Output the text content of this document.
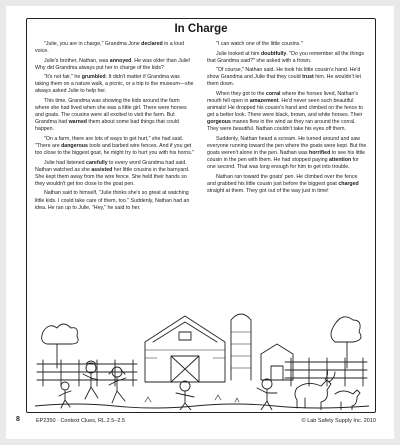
In Charge

"Julie, you are in charge," Grandma Jone declared in a loud voice.

Julie's brother, Nathan, was annoyed. He was older than Julie! Why did Grandma always put her in charge of the kids?

"It's not fair," he grumbled. It didn't matter if Grandma was taking them on a nature walk, a picnic, or a trip to the museum—she always asked Julie to help her.

This time, Grandma was showing the kids around the farm where she had lived when she was a little girl. There were horses and goats. The cousins were all excited to visit the farm. But Grandma had warned them about some bad things that could happen.

"On a farm, there are lots of ways to get hurt," she had said. "There are dangerous tools and barbed wire fences. And if you get too close to the biggest goat, he might try to hurt you with his horns."

Julie had listened carefully to every word Grandma had said. Nathan watched as she assisted her little cousins in the barnyard. She kept them away from the wire fence. She held their hands so they wouldn't get too close to the goat pen.

Nathan said to himself, "Julie thinks she's so great at watching little kids. I could take care of them, too." Suddenly, Nathan had an idea. He ran up to Julie. "Hey," he said to her.

"I can watch one of the little cousins."

Julie looked at him doubtfully. "Do you remember all the things that Grandma said?" she asked with a frown.

"Of course," Nathan said. He took his little cousin's hand. He'd show Grandma and Julie that they could trust him. He wouldn't let them down.

When they got to the corral where the horses lived, Nathan's mouth fell open in amazement. He'd never seen such beautiful animals! He dropped his cousin's hand and climbed on the fence to get a better look. There were black, brown, and white horses. Their gorgeous manes flew in the wind as they ran around the corral. They were beautiful. Nathan couldn't take his eyes off them.

Suddenly, Nathan heard a scream. He turned around and saw everyone running toward the pen where the goats were kept. But the goats weren't alone in the pen. Nathan was horrified to see his little cousin in the pen with them. He had stopped paying attention for one second. That was long enough for him to get into trouble.

Nathan ran toward the goats' pen. He climbed over the fence and grabbed his little cousin just before the biggest goat charged straight at them. They got out of the way just in time!

8	EP2350 · Context Clues, RL.2.5–2.5	© Lab Safety Supply Inc. 2010
